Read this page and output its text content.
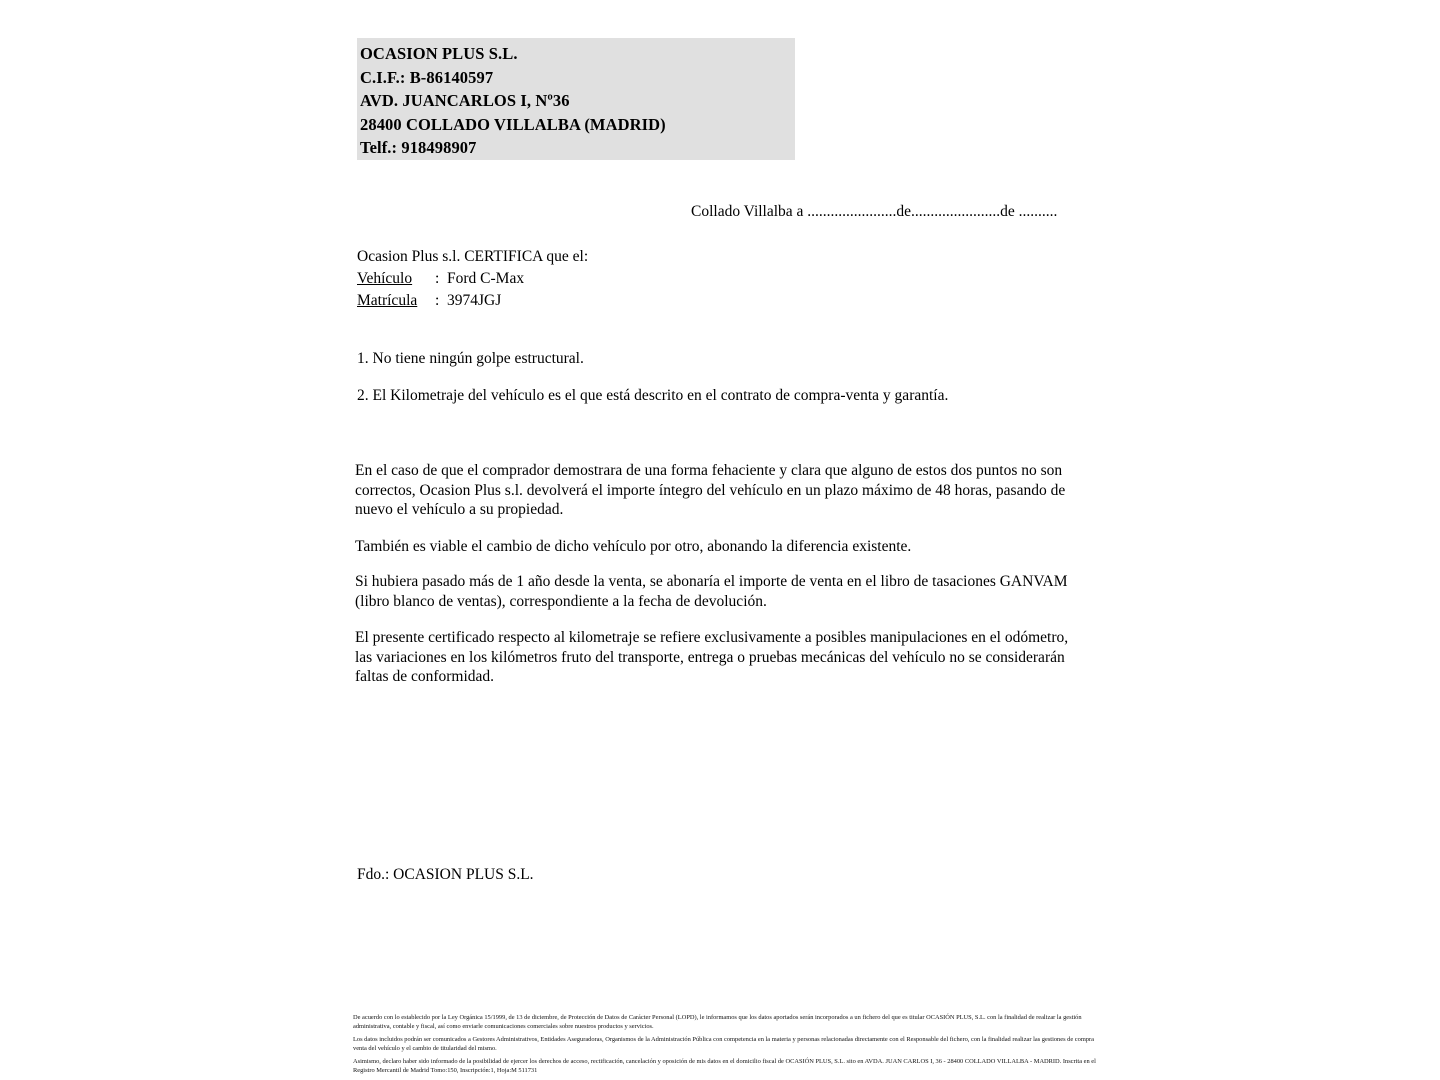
OCASION PLUS S.L.
C.I.F.: B-86140597
AVD. JUANCARLOS I, Nº36
28400 COLLADO VILLALBA (MADRID)
Telf.: 918498907
Collado Villalba a .......................de.......................de ..........
Ocasion Plus s.l. CERTIFICA que el:
Vehículo : Ford C-Max
Matrícula : 3974JGJ
1. No tiene ningún golpe estructural.
2. El Kilometraje del vehículo es el que está descrito en el contrato de compra-venta y garantía.
En el caso de que el comprador demostrara de una forma fehaciente y clara que alguno de estos dos puntos no son correctos, Ocasion Plus s.l. devolverá el importe íntegro del vehículo en un plazo máximo de 48 horas, pasando de nuevo el vehículo a su propiedad.
También es viable el cambio de dicho vehículo por otro, abonando la diferencia existente.
Si hubiera pasado más de 1 año desde la venta, se abonaría el importe de venta en el libro de tasaciones GANVAM (libro blanco de ventas), correspondiente a la fecha de devolución.
El presente certificado respecto al kilometraje se refiere exclusivamente a posibles manipulaciones en el odómetro, las variaciones en los kilómetros fruto del transporte, entrega o pruebas mecánicas del vehículo no se considerarán faltas de conformidad.
Fdo.: OCASION PLUS S.L.

De acuerdo con lo establecido por la Ley Orgánica 15/1999, de 13 de diciembre, de Protección de Datos de Carácter Personal (LOPD), le informamos que los datos aportados serán incorporados a un fichero del que es titular OCASIÓN PLUS, S.L. con la finalidad de realizar la gestión administrativa, contable y fiscal, así como enviarle comunicaciones comerciales sobre nuestros productos y servicios.

Los datos incluidos podrán ser comunicados a Gestores Administrativos, Entidades Aseguradoras, Organismos de la Administración Pública con competencia en la materia y personas relacionadas directamente con el Responsable del fichero, con la finalidad realizar las gestiones de compra venta del vehículo y el cambio de titularidad del mismo.

Asimismo, declaro haber sido informado de la posibilidad de ejercer los derechos de acceso, rectificación, cancelación y oposición de mis datos en el domicilio fiscal de OCASIÓN PLUS, S.L. sito en AVDA. JUAN CARLOS I, 36 - 28400 COLLADO VILLALBA - MADRID. Inscrita en el Registro Mercantil de Madrid Tomo:150, Inscripción:1, Hoja:M 511731
